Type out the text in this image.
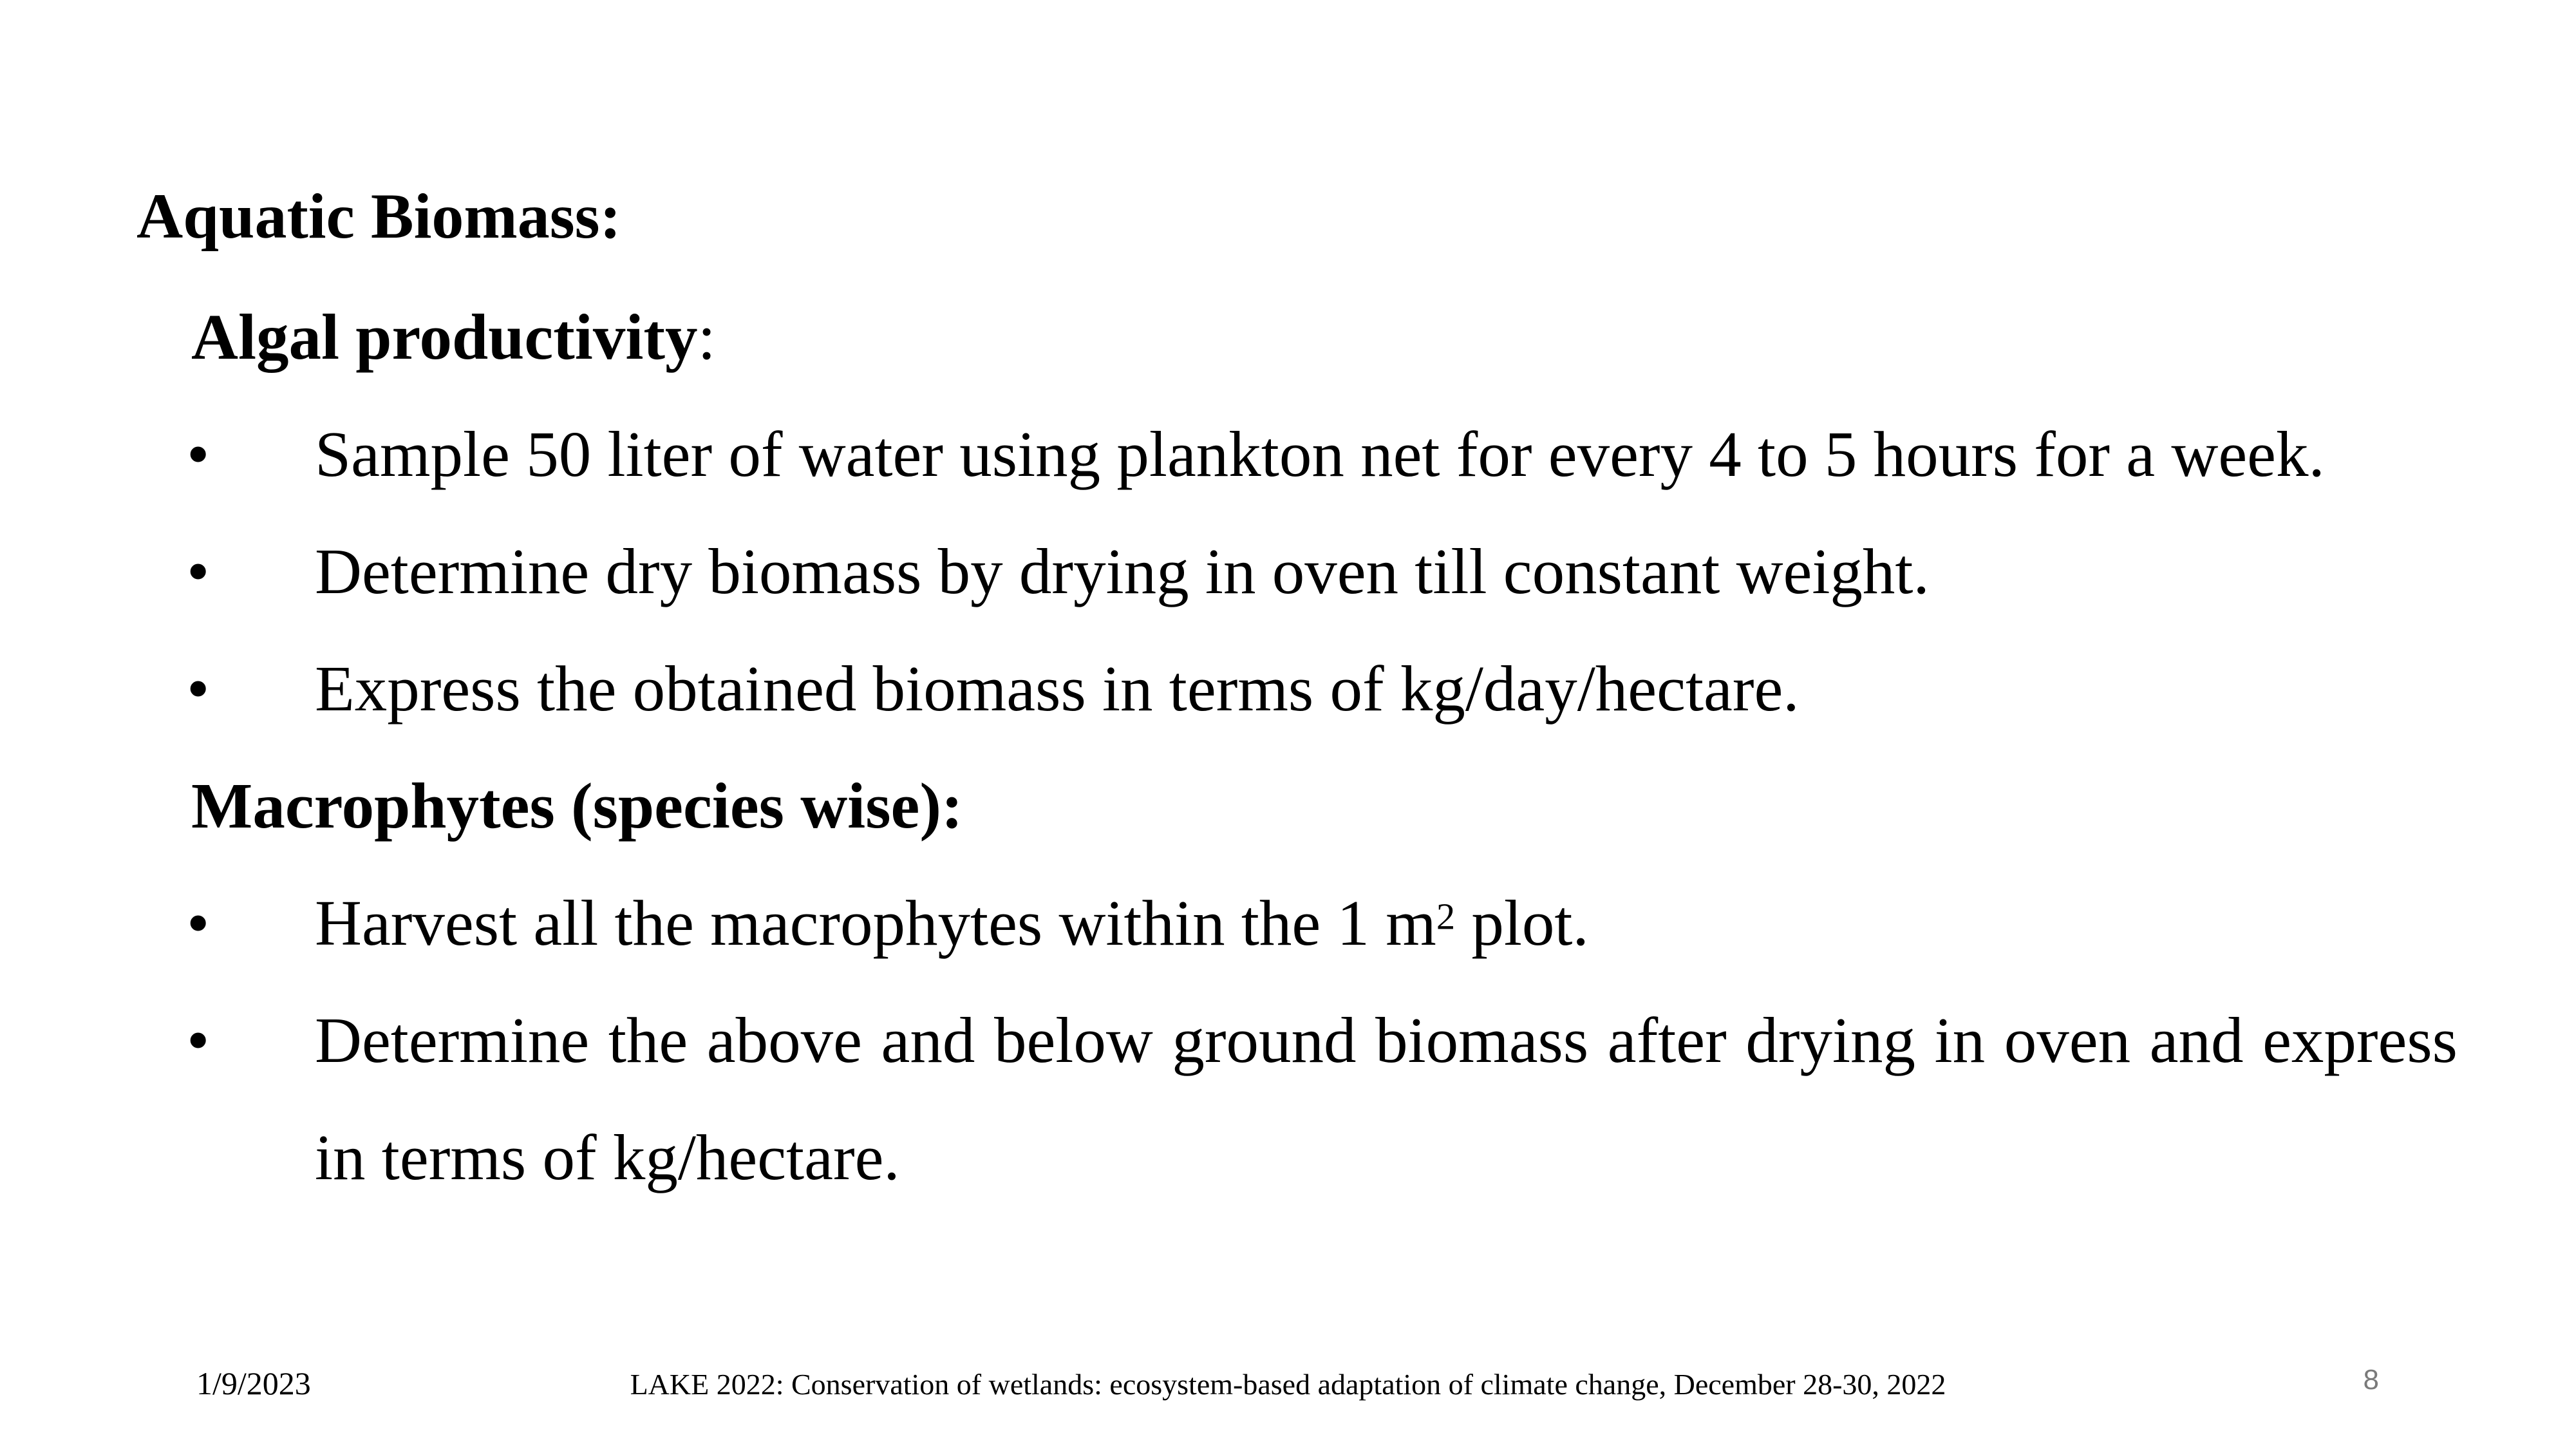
Aquatic Biomass:
Algal productivity:
• Sample 50 liter of water using plankton net for every 4 to 5 hours for a week.
• Determine dry biomass by drying in oven till constant weight.
• Express the obtained biomass in terms of kg/day/hectare.
Macrophytes (species wise):
• Harvest all the macrophytes within the 1 $m^2$ plot.
• Determine the above and below ground biomass after drying in oven and express
in terms of kg/hectare.
1/9/2023	LAKE 2022: Conservation of wetlands: ecosystem-based adaptation of climate change, December 28-30, 2022	8
